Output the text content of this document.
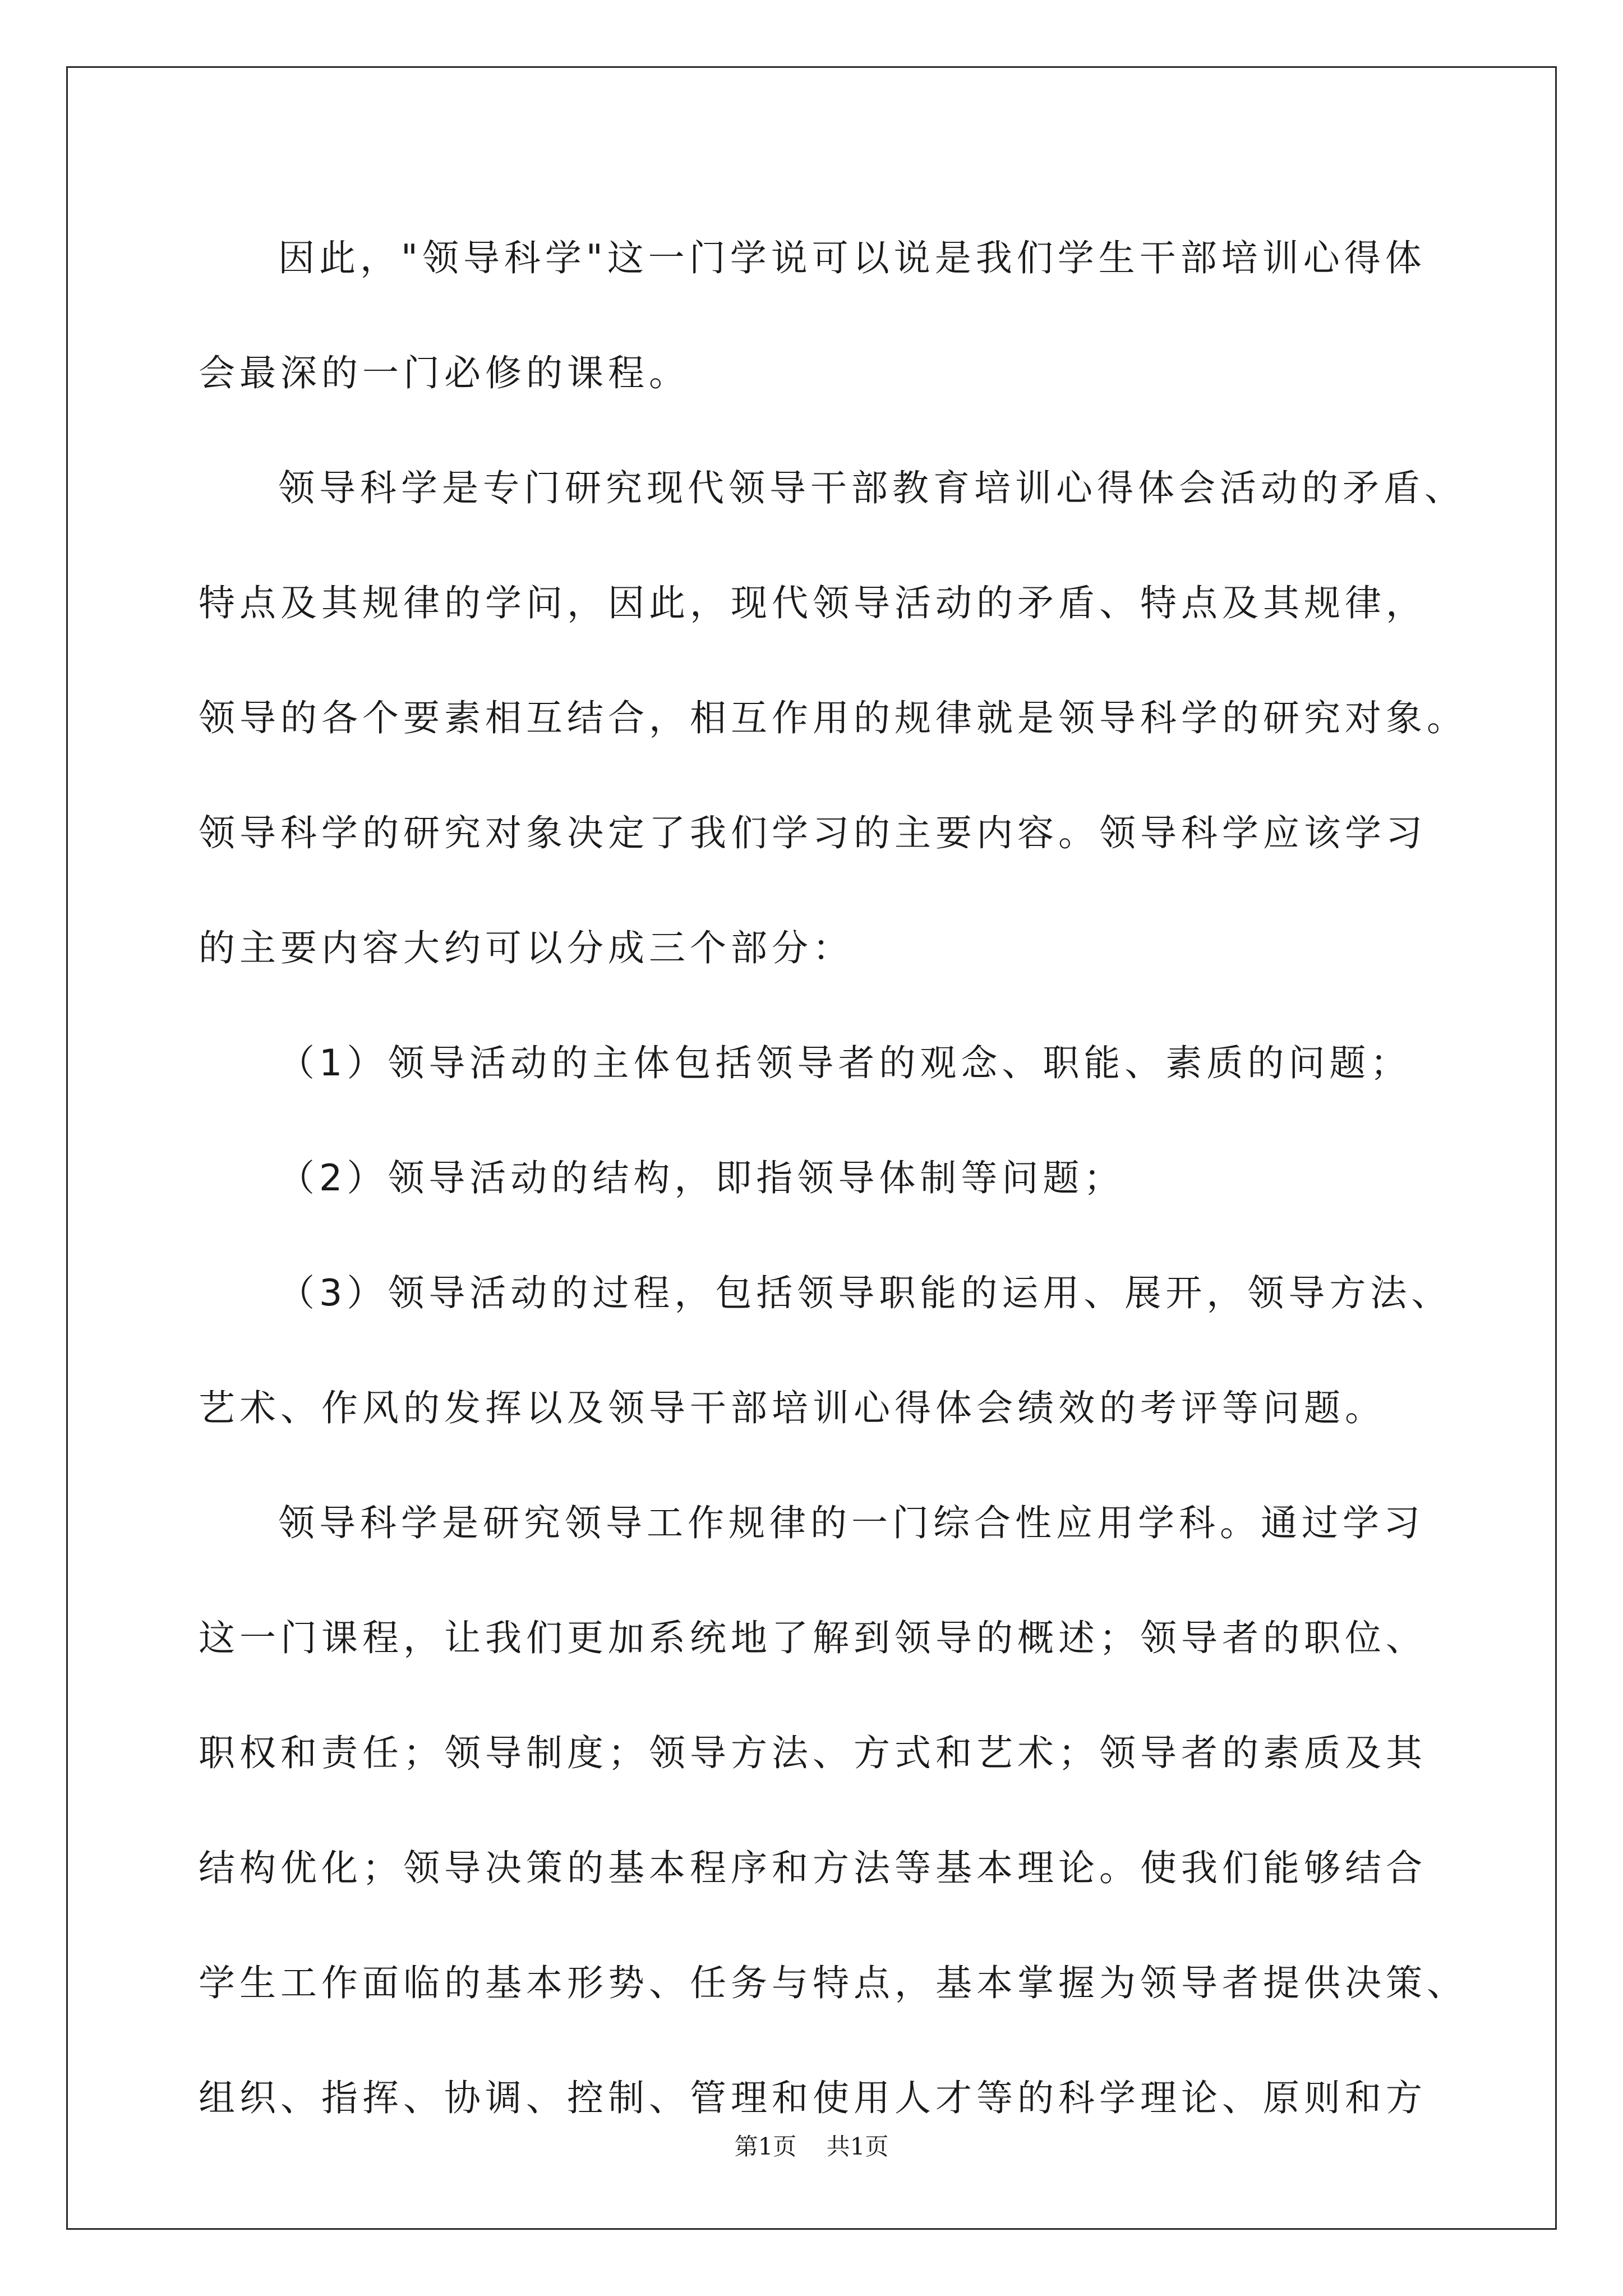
因此，"领导科学"这一门学说可以说是我们学生干部培训心得体
会最深的一门必修的课程。
领导科学是专门研究现代领导干部教育培训心得体会活动的矛盾、
特点及其规律的学问，因此，现代领导活动的矛盾、特点及其规律，
领导的各个要素相互结合，相互作用的规律就是领导科学的研究对象。
领导科学的研究对象决定了我们学习的主要内容。领导科学应该学习
的主要内容大约可以分成三个部分：
（1）领导活动的主体包括领导者的观念、职能、素质的问题；
（2）领导活动的结构，即指领导体制等问题；
（3）领导活动的过程，包括领导职能的运用、展开，领导方法、
艺术、作风的发挥以及领导干部培训心得体会绩效的考评等问题。
领导科学是研究领导工作规律的一门综合性应用学科。通过学习
这一门课程，让我们更加系统地了解到领导的概述；领导者的职位、
职权和责任；领导制度；领导方法、方式和艺术；领导者的素质及其
结构优化；领导决策的基本程序和方法等基本理论。使我们能够结合
学生工作面临的基本形势、任务与特点，基本掌握为领导者提供决策、
组织、指挥、协调、控制、管理和使用人才等的科学理论、原则和方
第1页 共1页
